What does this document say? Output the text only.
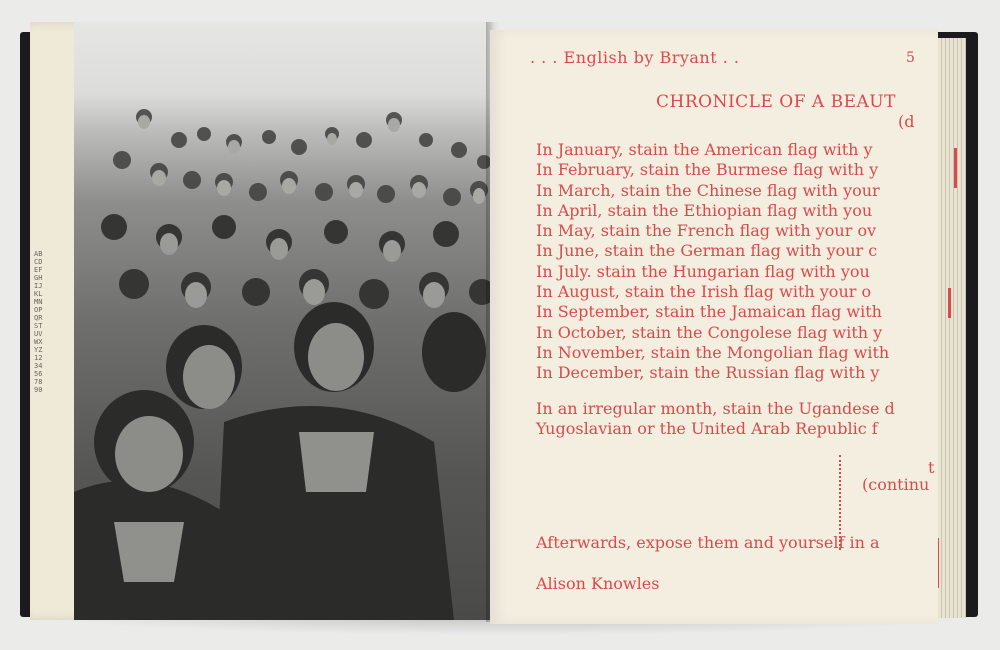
ABCDEFGHIJKLMNOPQRSTUVWXYZ1234567890
. . . English by Bryant . .	5
CHRONICLE OF A BEAUT
(d
In January, stain the American flag with y
In February, stain the Burmese flag with y
In March, stain the Chinese flag with your
In April, stain the Ethiopian flag with you
In May, stain the French flag with your ov
In June, stain the German flag with your c
In July. stain the Hungarian flag with you
In August, stain the Irish flag with your o
In September, stain the Jamaican flag with
In October, stain the Congolese flag with y
In November, stain the Mongolian flag with
In December, stain the Russian flag with y
In an irregular month, stain the Ugandese d
Yugoslavian or the United Arab Republic f
t
(continu
Afterwards, expose them and yourself in a
Alison Knowles
